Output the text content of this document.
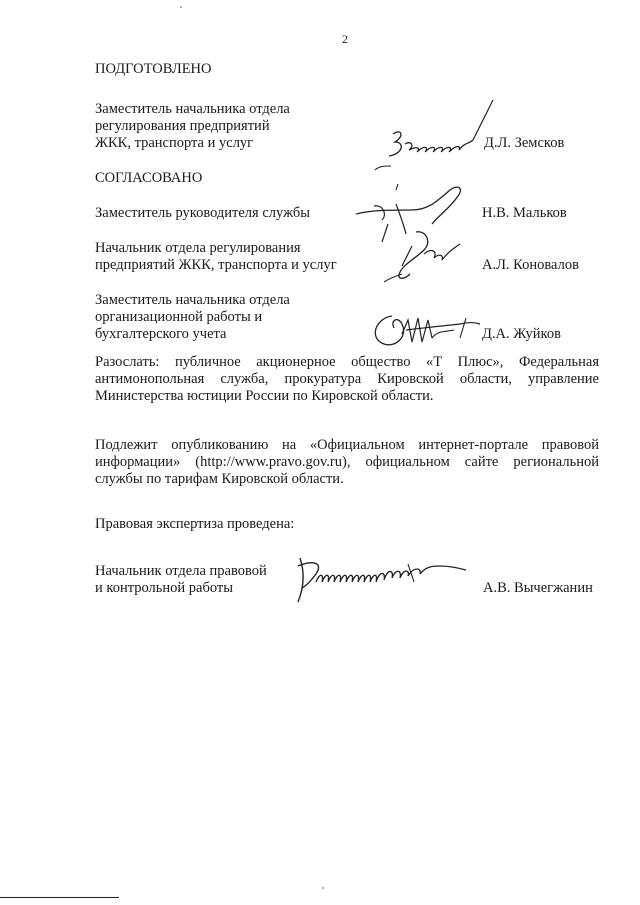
2
ПОДГОТОВЛЕНО
Заместитель начальника отдела
регулирования предприятий
ЖКК, транспорта и услуг	Д.Л. Земсков
СОГЛАСОВАНО
Заместитель руководителя службы	Н.В. Мальков
Начальник отдела регулирования
предприятий ЖКК, транспорта и услуг	А.Л. Коновалов
Заместитель начальника отдела
организационной работы и
бухгалтерского учета	Д.А. Жуйков
Разослать: публичное акционерное общество «Т Плюс», Федеральная антимонопольная служба, прокуратура Кировской области, управление Министерства юстиции России по Кировской области.
Подлежит опубликованию на «Официальном интернет-портале правовой информации» (http://www.pravo.gov.ru), официальном сайте региональной службы по тарифам Кировской области.
Правовая экспертиза проведена:
Начальник отдела правовой
и контрольной работы	А.В. Вычегжанин
